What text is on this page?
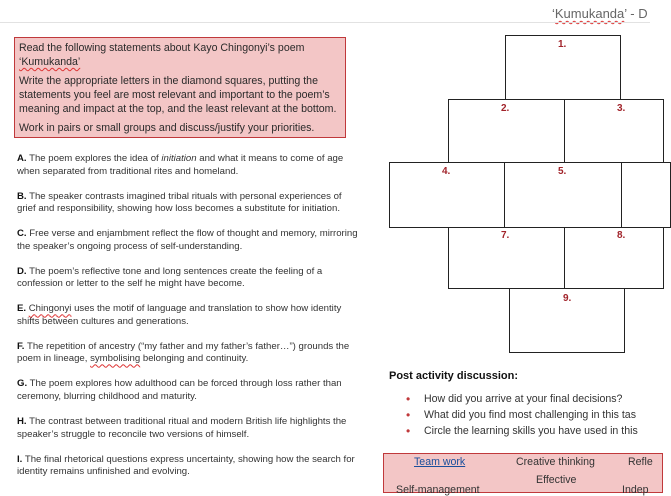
‘Kumukanda’ - D

Read the following statements about Kayo Chingonyi’s poem ‘Kumukanda’

Write the appropriate letters in the diamond squares, putting the statements you feel are most relevant and important to the poem’s meaning and impact at the top, and the least relevant at the bottom.

Work in pairs or small groups and discuss/justify your priorities.

A. The poem explores the idea of initiation and what it means to come of age when separated from traditional rites and homeland.
B. The speaker contrasts imagined tribal rituals with personal experiences of grief and responsibility, showing how loss becomes a substitute for initiation.
C. Free verse and enjambment reflect the flow of thought and memory, mirroring the speaker’s ongoing process of self-understanding.
D. The poem’s reflective tone and long sentences create the feeling of a confession or letter to the self he might have become.
E. Chingonyi uses the motif of language and translation to show how identity shifts between cultures and generations.
F. The repetition of ancestry (“my father and my father’s father…”) grounds the poem in lineage, symbolising belonging and continuity.
G. The poem explores how adulthood can be forced through loss rather than ceremony, blurring childhood and maturity.
H. The contrast between traditional ritual and modern British life highlights the speaker’s struggle to reconcile two versions of himself.
I. The final rhetorical questions express uncertainty, showing how the search for identity remains unfinished and evolving.
1.
2.	3.
4.	5.
7.	8.
9.
Post activity discussion:
• How did you arrive at your final decisions?
• What did you find most challenging in this tas
• Circle the learning skills you have used in this
Team work	Creative thinking	Refle
Effective
Self-management	Indep
